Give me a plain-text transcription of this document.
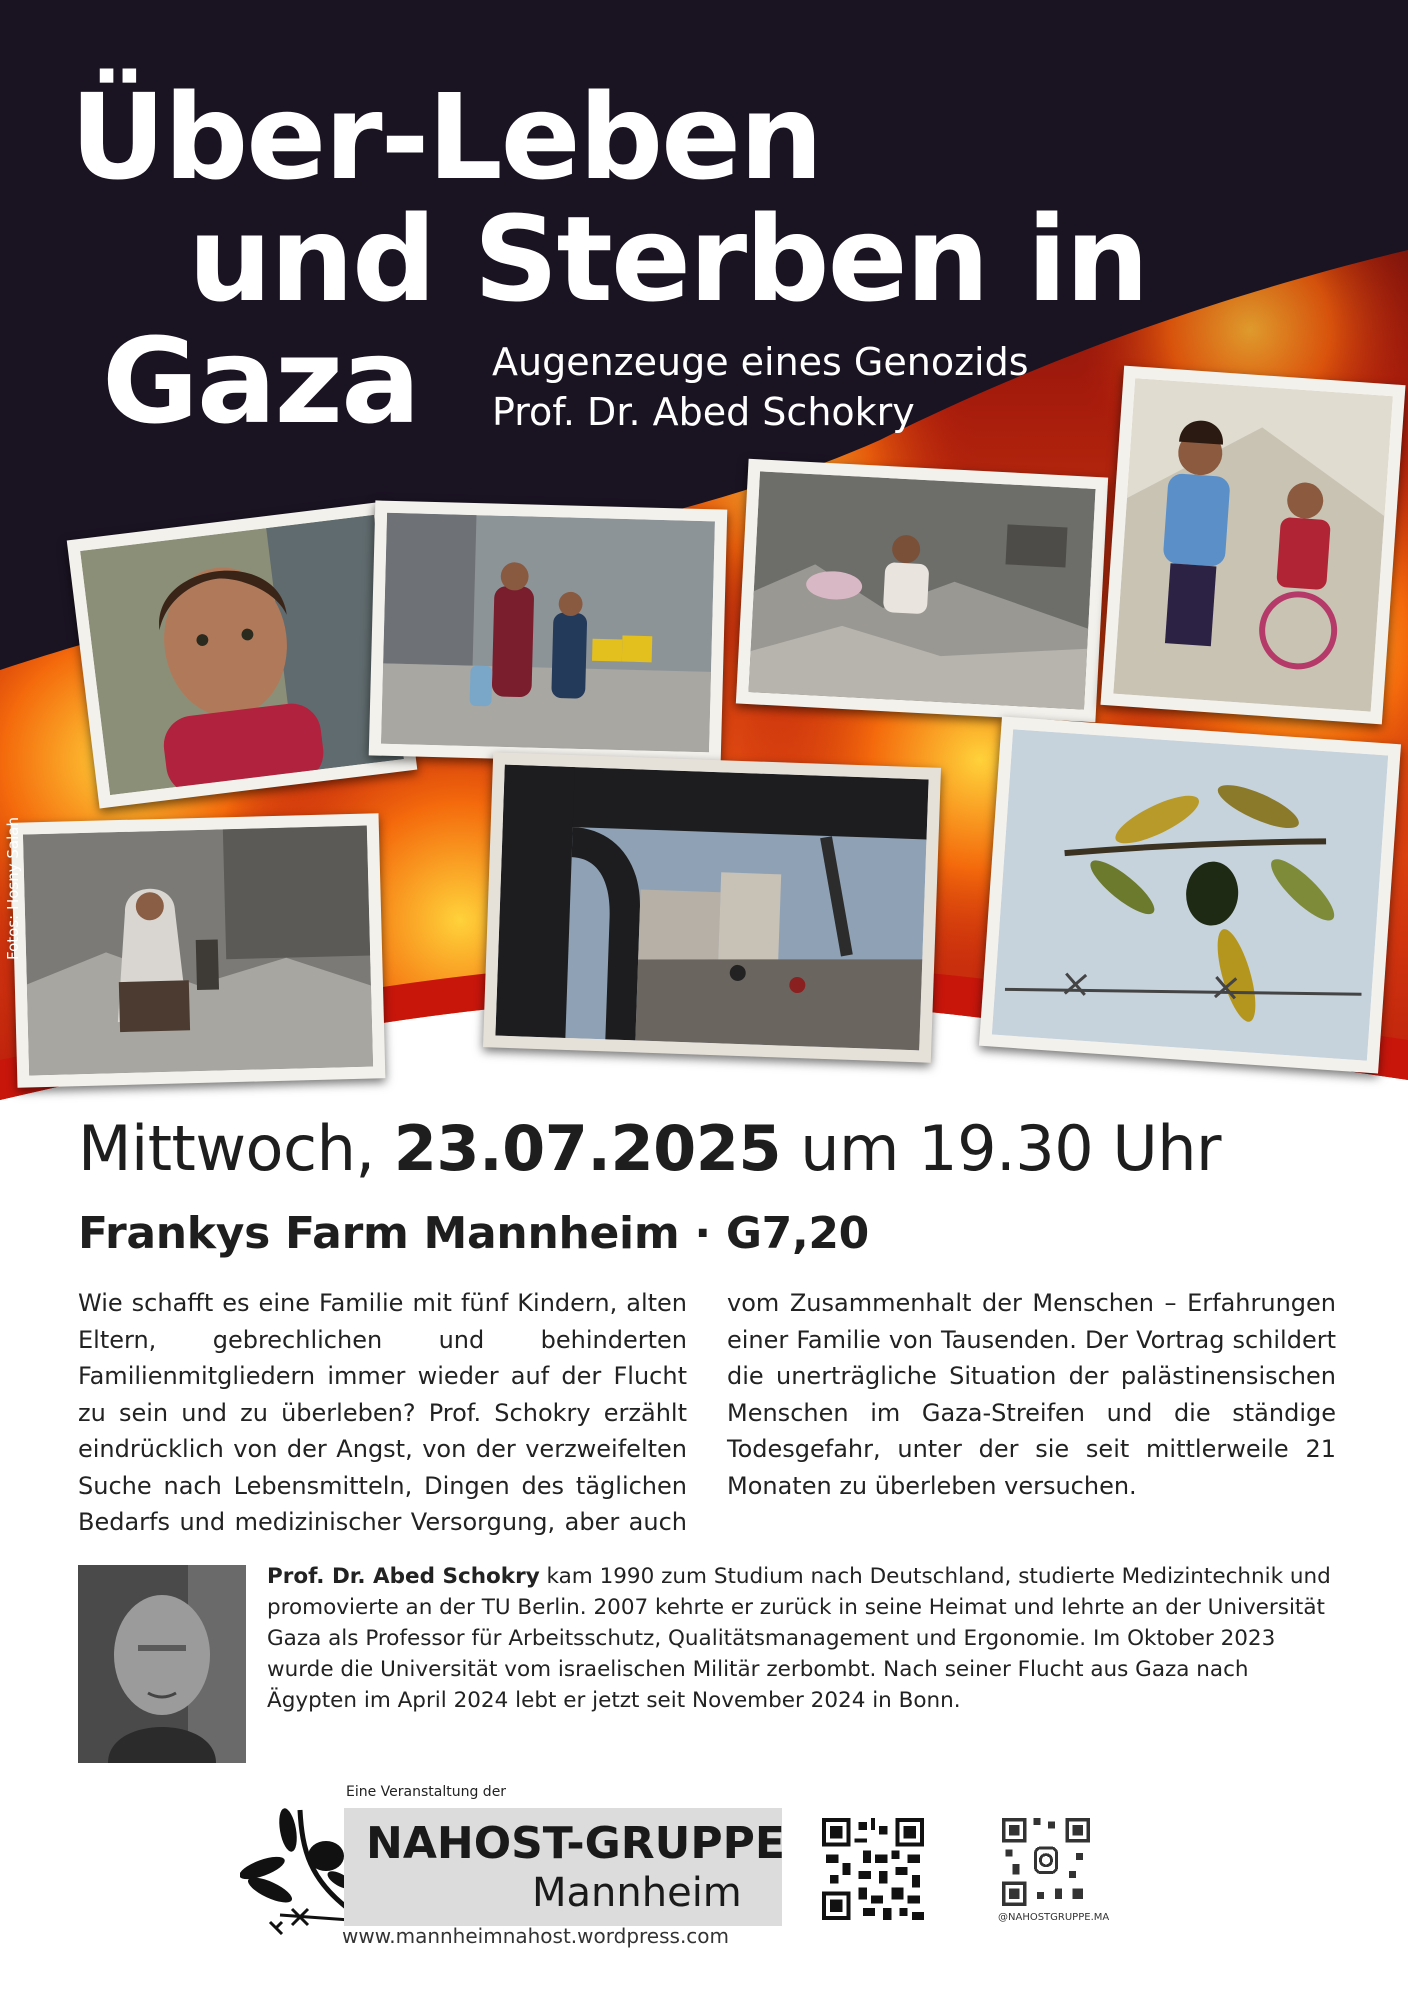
Über-Leben
und Sterben in
Gaza Augenzeuge eines Genozids
Prof. Dr. Abed Schokry
Fotos: Hosny Salah
Mittwoch, 23.07.2025 um 19.30 Uhr
Frankys Farm Mannheim · G7,20
Wie schafft es eine Familie mit fünf Kindern, alten Eltern, gebrechlichen und behinderten Familienmitgliedern immer wieder auf der Flucht zu sein und zu überleben? Prof. Schokry erzählt eindrücklich von der Angst, von der verzweifelten Suche nach Lebensmitteln, Dingen des täglichen Bedarfs und medizinischer Versorgung, aber auch vom Zusammenhalt der Menschen – Erfahrungen einer Familie von Tausenden. Der Vortrag schildert die unerträgliche Situation der palästinensischen Menschen im Gaza-Streifen und die ständige Todesgefahr, unter der sie seit mittlerweile 21 Monaten zu überleben versuchen.
Prof. Dr. Abed Schokry kam 1990 zum Studium nach Deutschland, studierte Medizintechnik und promovierte an der TU Berlin. 2007 kehrte er zurück in seine Heimat und lehrte an der Universität Gaza als Professor für Arbeitsschutz, Qualitätsmanagement und Ergonomie. Im Oktober 2023 wurde die Universität vom israelischen Militär zerbombt. Nach seiner Flucht aus Gaza nach Ägypten im April 2024 lebt er jetzt seit November 2024 in Bonn.
Eine Veranstaltung der
NAHOST-GRUPPE
Mannheim
www.mannheimnahost.wordpress.com
@NAHOSTGRUPPE.MA
